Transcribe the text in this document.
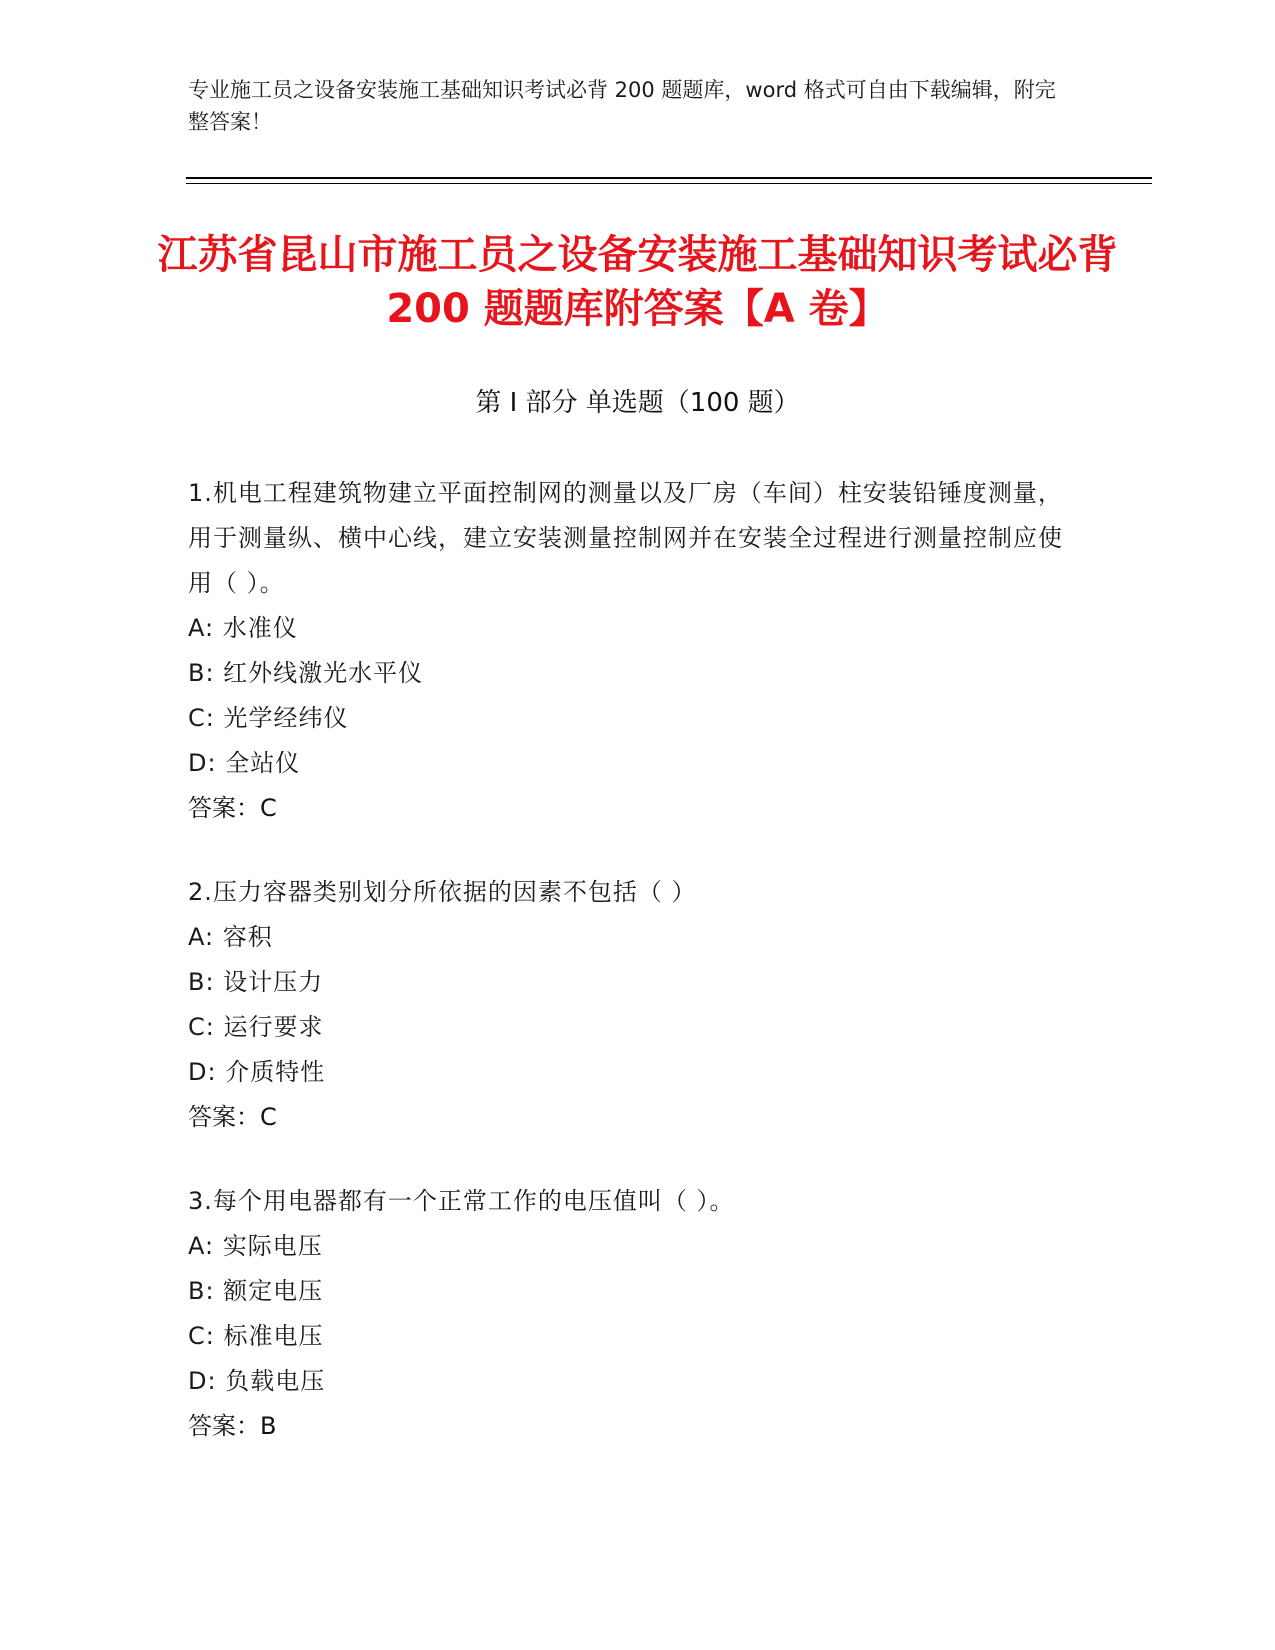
专业施工员之设备安装施工基础知识考试必背 200 题题库，word 格式可自由下载编辑，附完整答案！
江苏省昆山市施工员之设备安装施工基础知识考试必背 200 题题库附答案【A 卷】
第 I 部分 单选题（100 题）
1.机电工程建筑物建立平面控制网的测量以及厂房（车间）柱安装铅锤度测量，用于测量纵、横中心线，建立安装测量控制网并在安装全过程进行测量控制应使用（ ）。
A: 水准仪
B: 红外线激光水平仪
C: 光学经纬仪
D: 全站仪
答案：C
2.压力容器类别划分所依据的因素不包括（ ）
A: 容积
B: 设计压力
C: 运行要求
D: 介质特性
答案：C
3.每个用电器都有一个正常工作的电压值叫（ ）。
A: 实际电压
B: 额定电压
C: 标准电压
D: 负载电压
答案：B
